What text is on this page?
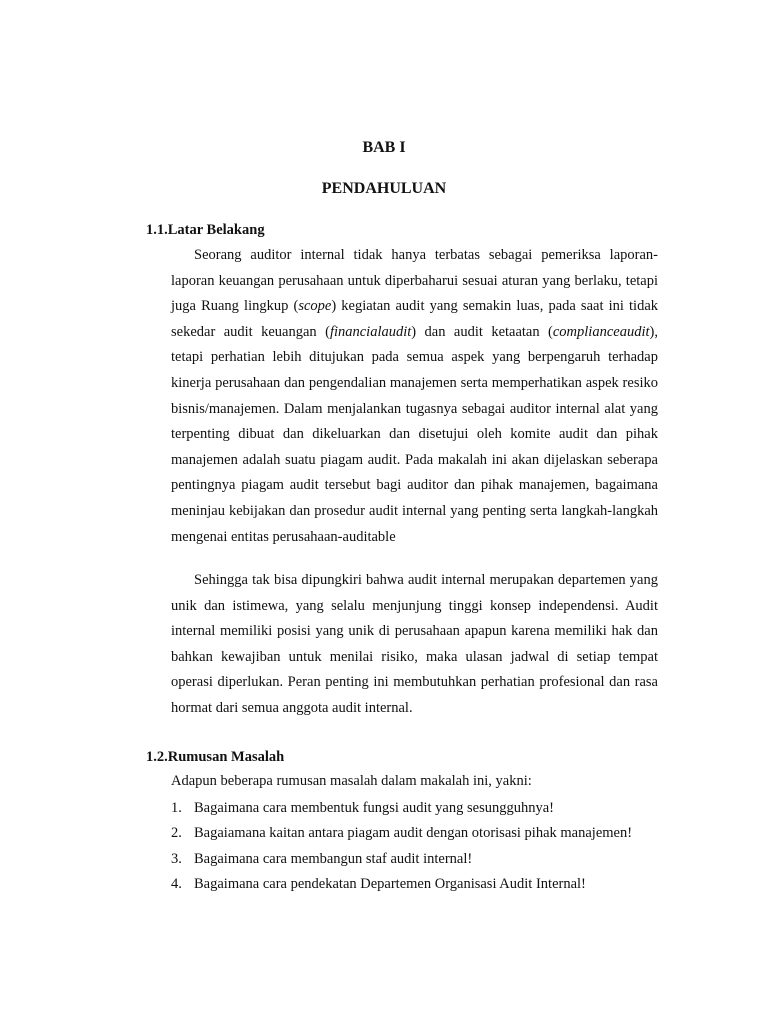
BAB I
PENDAHULUAN
1.1.Latar Belakang

Seorang auditor internal tidak hanya terbatas sebagai pemeriksa laporan-laporan keuangan perusahaan untuk diperbaharui sesuai aturan yang berlaku, tetapi juga Ruang lingkup (scope) kegiatan audit yang semakin luas, pada saat ini tidak sekedar audit keuangan (financialaudit) dan audit ketaatan (complianceaudit), tetapi perhatian lebih ditujukan pada semua aspek yang berpengaruh terhadap kinerja perusahaan dan pengendalian manajemen serta memperhatikan aspek resiko bisnis/manajemen. Dalam menjalankan tugasnya sebagai auditor internal alat yang terpenting dibuat dan dikeluarkan dan disetujui oleh komite audit dan pihak manajemen adalah suatu piagam audit. Pada makalah ini akan dijelaskan seberapa pentingnya piagam audit tersebut bagi auditor dan pihak manajemen, bagaimana meninjau kebijakan dan prosedur audit internal yang penting serta langkah-langkah mengenai entitas perusahaan-auditable

Sehingga tak bisa dipungkiri bahwa audit internal merupakan departemen yang unik dan istimewa, yang selalu menjunjung tinggi konsep independensi. Audit internal memiliki posisi yang unik di perusahaan apapun karena memiliki hak dan bahkan kewajiban untuk menilai risiko, maka ulasan jadwal di setiap tempat operasi diperlukan. Peran penting ini membutuhkan perhatian profesional dan rasa hormat dari semua anggota audit internal.

1.2.Rumusan Masalah
Adapun beberapa rumusan masalah dalam makalah ini, yakni:
1. Bagaimana cara membentuk fungsi audit yang sesungguhnya!
2. Bagaiamana kaitan antara piagam audit dengan otorisasi pihak manajemen!
3. Bagaimana cara membangun staf audit internal!
4. Bagaimana cara pendekatan Departemen Organisasi Audit Internal!
